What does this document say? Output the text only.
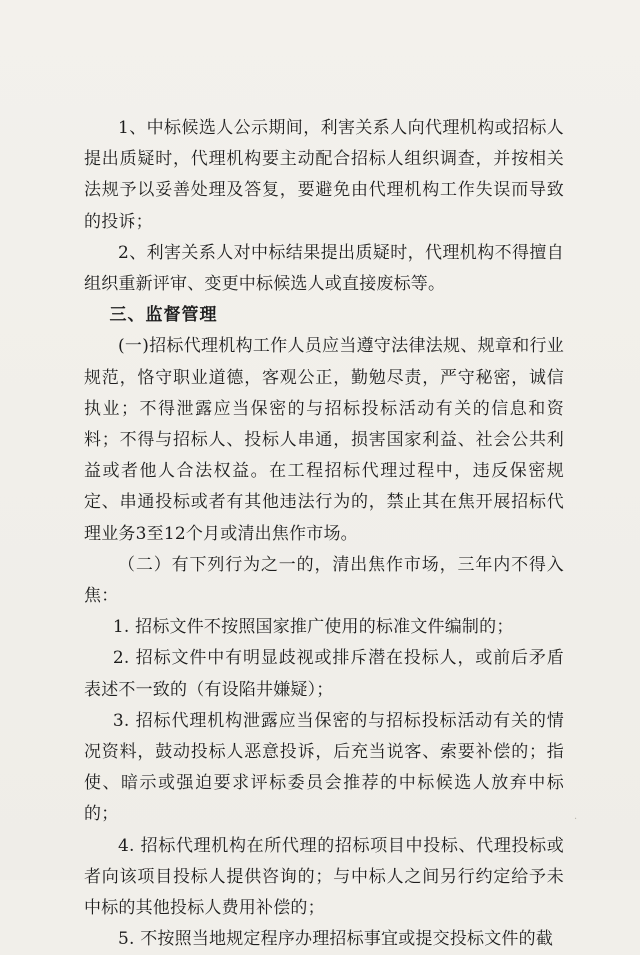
1、中标候选人公示期间，利害关系人向代理机构或招标人提出质疑时，代理机构要主动配合招标人组织调查，并按相关法规予以妥善处理及答复，要避免由代理机构工作失误而导致的投诉；

2、利害关系人对中标结果提出质疑时，代理机构不得擅自组织重新评审、变更中标候选人或直接废标等。

三、监督管理

(一)招标代理机构工作人员应当遵守法律法规、规章和行业规范，恪守职业道德，客观公正，勤勉尽责，严守秘密，诚信执业；不得泄露应当保密的与招标投标活动有关的信息和资料；不得与招标人、投标人串通，损害国家利益、社会公共利益或者他人合法权益。在工程招标代理过程中，违反保密规定、串通投标或者有其他违法行为的，禁止其在焦开展招标代理业务3至12个月或清出焦作市场。

（二）有下列行为之一的，清出焦作市场，三年内不得入焦：

1. 招标文件不按照国家推广使用的标准文件编制的；

2. 招标文件中有明显歧视或排斥潜在投标人，或前后矛盾表述不一致的（有设陷井嫌疑）；

3. 招标代理机构泄露应当保密的与招标投标活动有关的情况资料，鼓动投标人恶意投诉，后充当说客、索要补偿的；指使、暗示或强迫要求评标委员会推荐的中标候选人放弃中标的；

4. 招标代理机构在所代理的招标项目中投标、代理投标或者向该项目投标人提供咨询的；与中标人之间另行约定给予未中标的其他投标人费用补偿的；

5. 不按照当地规定程序办理招标事宜或提交投标文件的截

·
